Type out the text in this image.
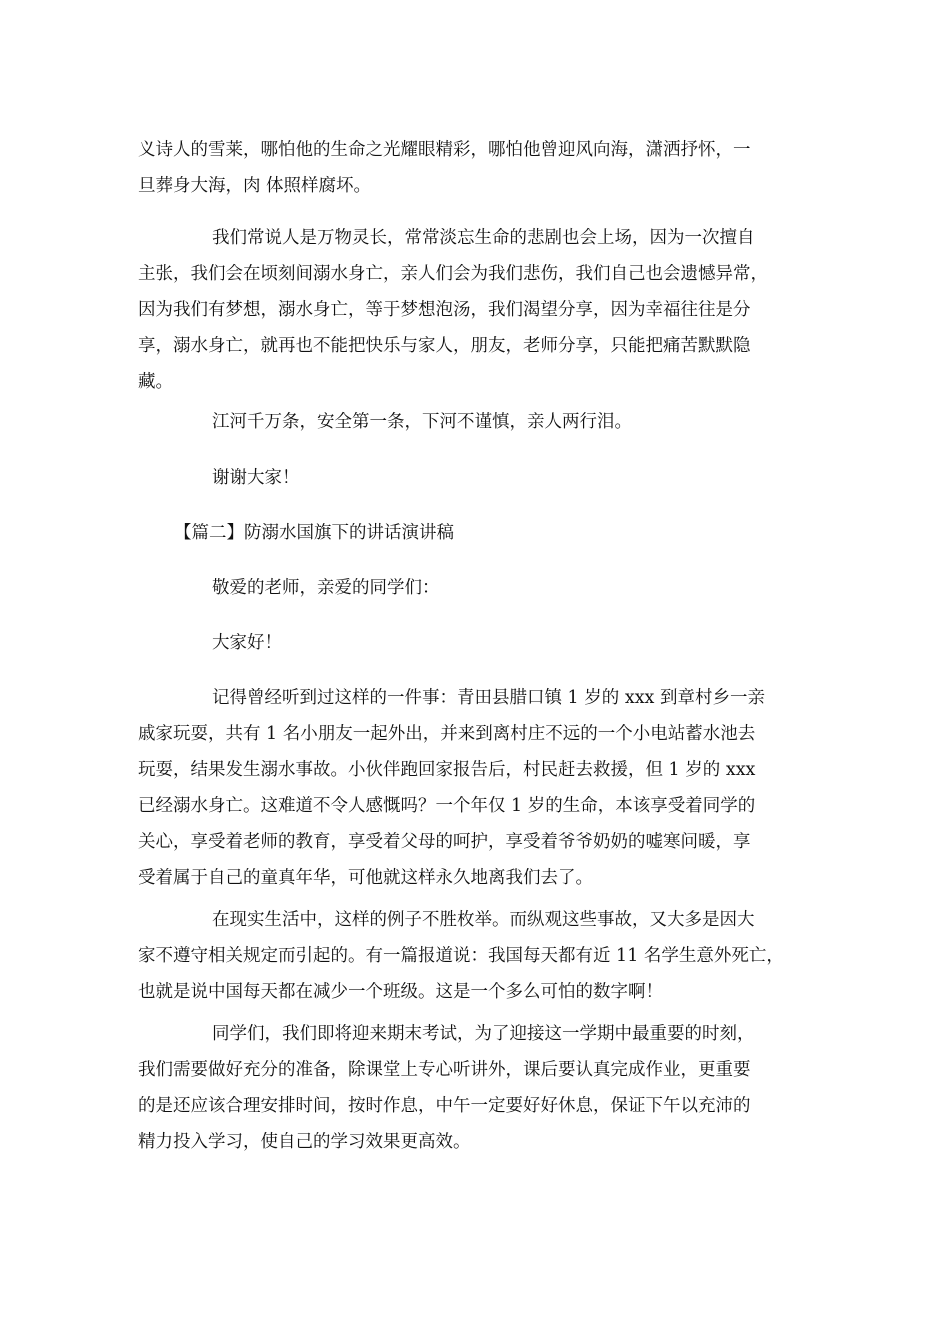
义诗人的雪莱，哪怕他的生命之光耀眼精彩，哪怕他曾迎风向海，潇洒抒怀，一
旦葬身大海，肉 体照样腐坏。
我们常说人是万物灵长，常常淡忘生命的悲剧也会上场，因为一次擅自
主张，我们会在顷刻间溺水身亡，亲人们会为我们悲伤，我们自己也会遗憾异常，
因为我们有梦想，溺水身亡，等于梦想泡汤，我们渴望分享，因为幸福往往是分
享，溺水身亡，就再也不能把快乐与家人，朋友，老师分享，只能把痛苦默默隐
藏。
江河千万条，安全第一条，下河不谨慎，亲人两行泪。
谢谢大家！
【篇二】防溺水国旗下的讲话演讲稿
敬爱的老师，亲爱的同学们：
大家好！
记得曾经听到过这样的一件事：青田县腊口镇 1 岁的 xxx 到章村乡一亲
戚家玩耍，共有 1 名小朋友一起外出，并来到离村庄不远的一个小电站蓄水池去
玩耍，结果发生溺水事故。小伙伴跑回家报告后，村民赶去救援，但 1 岁的 xxx
已经溺水身亡。这难道不令人感慨吗？一个年仅 1 岁的生命，本该享受着同学的
关心，享受着老师的教育，享受着父母的呵护，享受着爷爷奶奶的嘘寒问暖，享
受着属于自己的童真年华，可他就这样永久地离我们去了。
在现实生活中，这样的例子不胜枚举。而纵观这些事故，又大多是因大
家不遵守相关规定而引起的。有一篇报道说：我国每天都有近 11 名学生意外死亡，
也就是说中国每天都在减少一个班级。这是一个多么可怕的数字啊！
同学们，我们即将迎来期末考试，为了迎接这一学期中最重要的时刻，
我们需要做好充分的准备，除课堂上专心听讲外，课后要认真完成作业，更重要
的是还应该合理安排时间，按时作息，中午一定要好好休息，保证下午以充沛的
精力投入学习，使自己的学习效果更高效。
